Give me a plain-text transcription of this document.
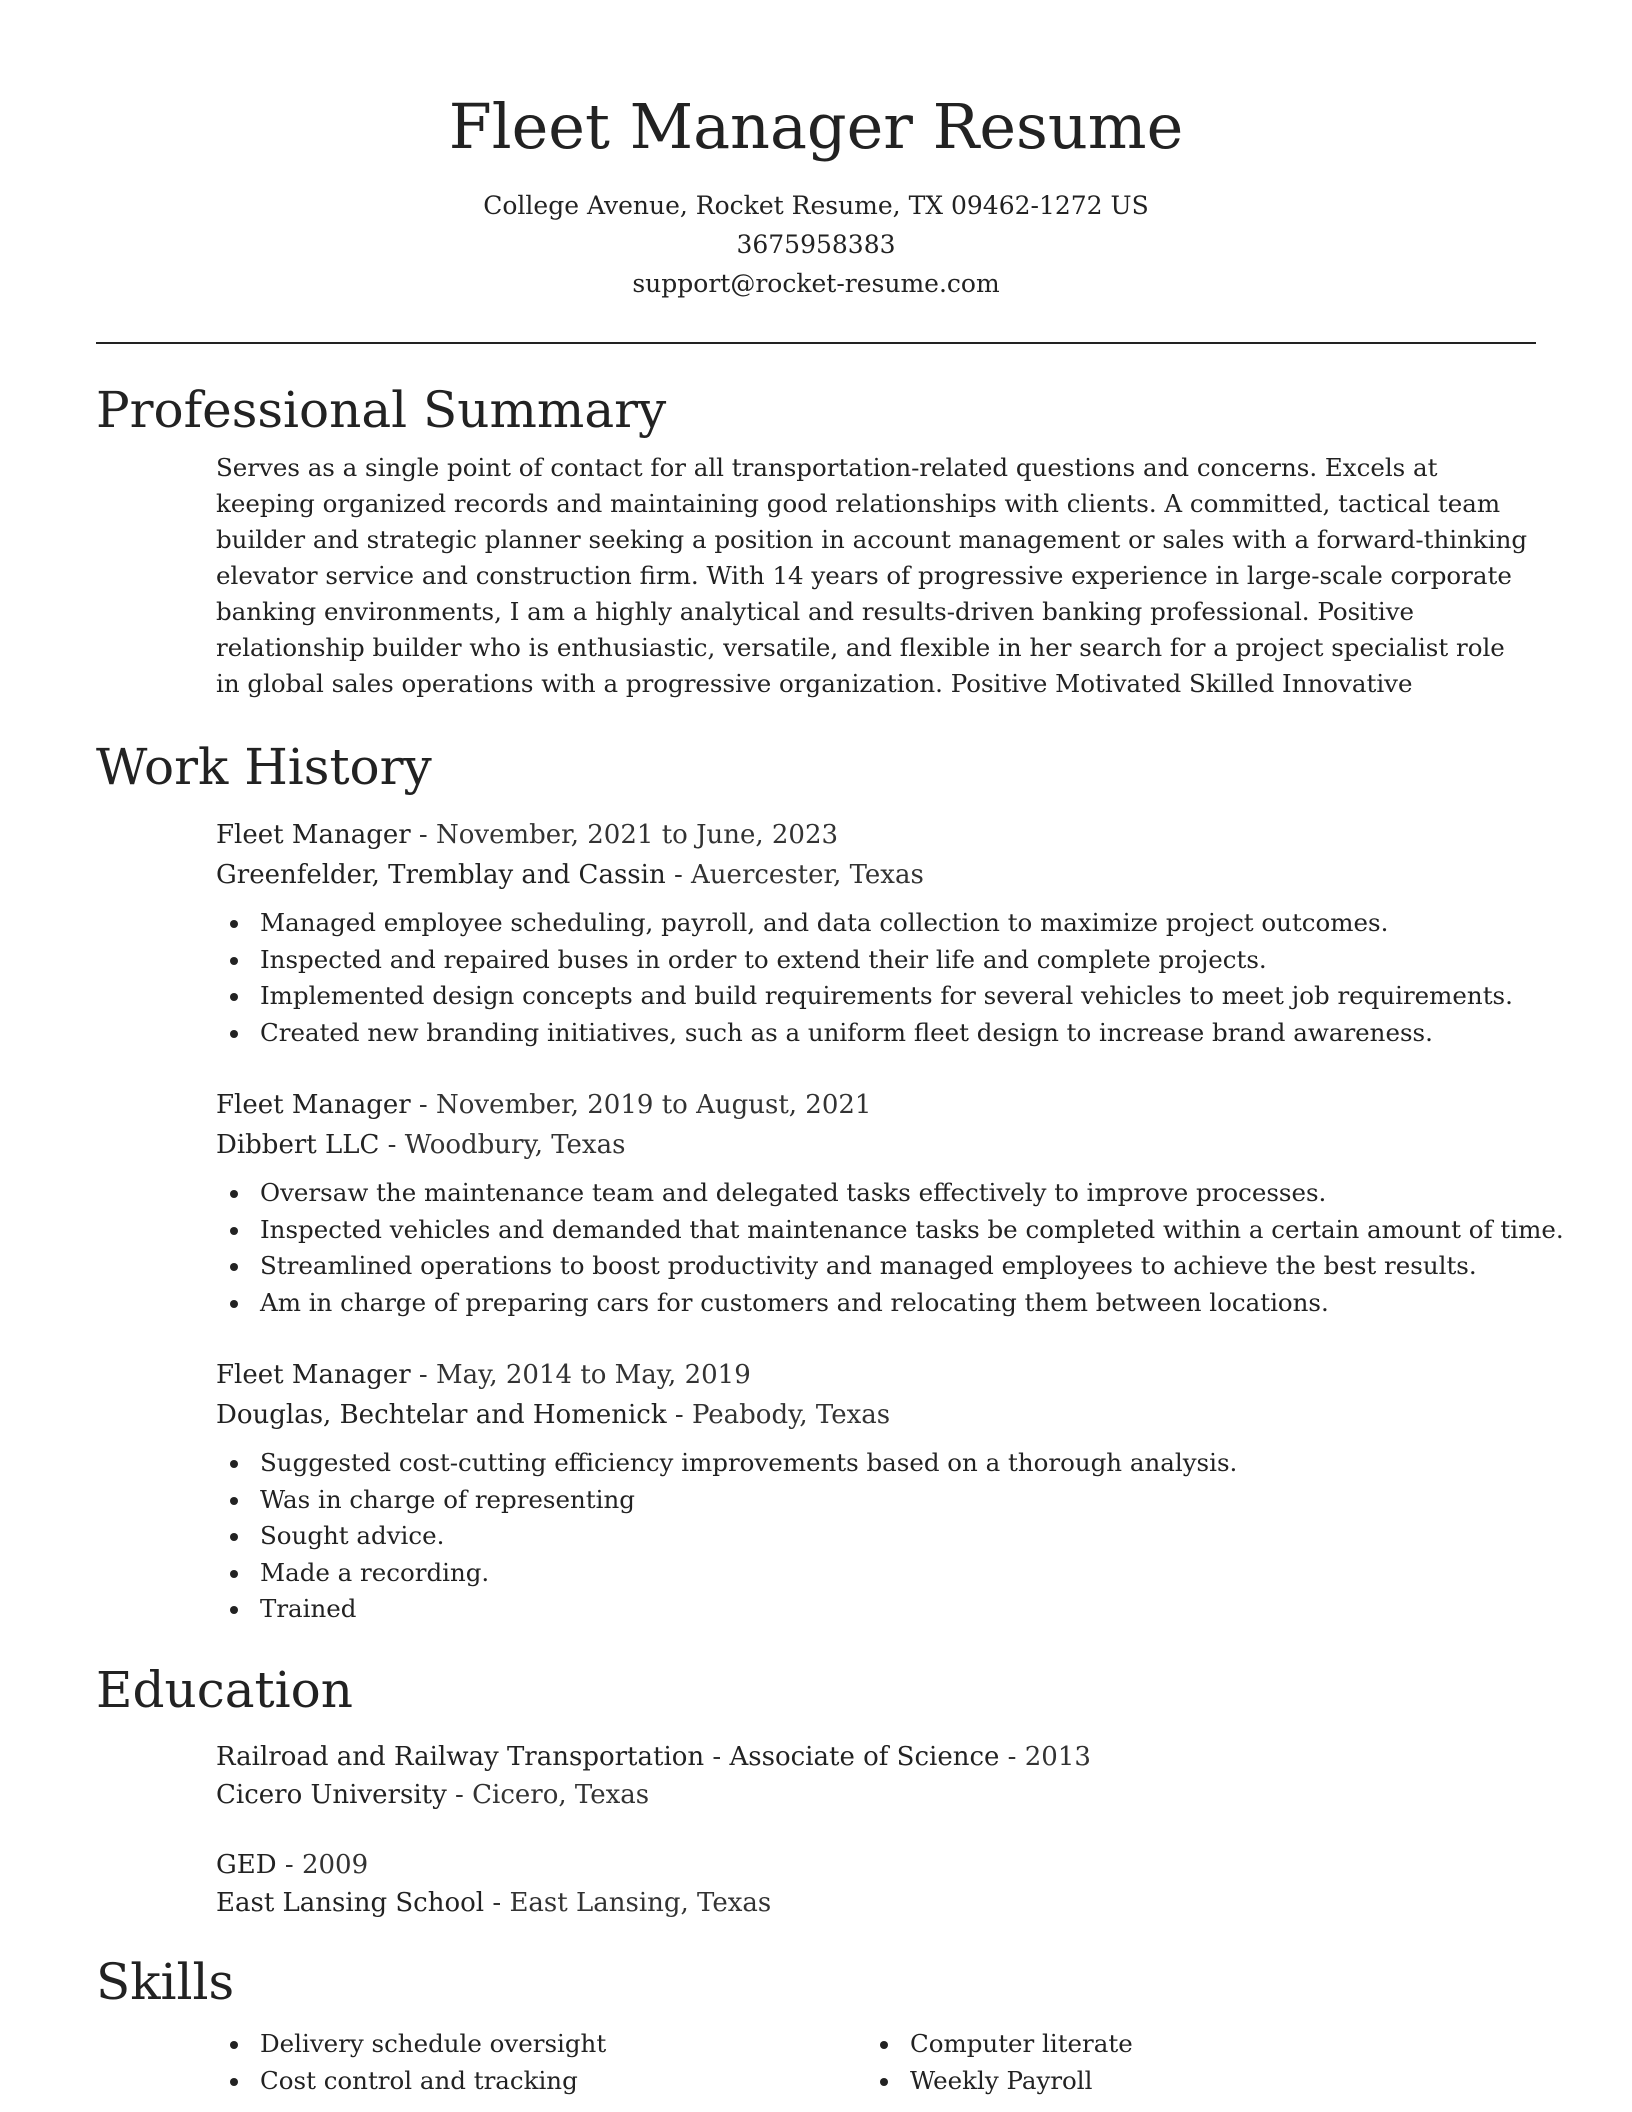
Fleet Manager Resume
College Avenue, Rocket Resume, TX 09462-1272 US
3675958383
support@rocket-resume.com
Professional Summary
Serves as a single point of contact for all transportation-related questions and concerns. Excels at keeping organized records and maintaining good relationships with clients. A committed, tactical team builder and strategic planner seeking a position in account management or sales with a forward-thinking elevator service and construction firm. With 14 years of progressive experience in large-scale corporate banking environments, I am a highly analytical and results-driven banking professional. Positive relationship builder who is enthusiastic, versatile, and flexible in her search for a project specialist role in global sales operations with a progressive organization. Positive Motivated Skilled Innovative
Work History
Fleet Manager - November, 2021 to June, 2023
Greenfelder, Tremblay and Cassin - Auercester, Texas
Managed employee scheduling, payroll, and data collection to maximize project outcomes.
Inspected and repaired buses in order to extend their life and complete projects.
Implemented design concepts and build requirements for several vehicles to meet job requirements.
Created new branding initiatives, such as a uniform fleet design to increase brand awareness.
Fleet Manager - November, 2019 to August, 2021
Dibbert LLC - Woodbury, Texas
Oversaw the maintenance team and delegated tasks effectively to improve processes.
Inspected vehicles and demanded that maintenance tasks be completed within a certain amount of time.
Streamlined operations to boost productivity and managed employees to achieve the best results.
Am in charge of preparing cars for customers and relocating them between locations.
Fleet Manager - May, 2014 to May, 2019
Douglas, Bechtelar and Homenick - Peabody, Texas
Suggested cost-cutting efficiency improvements based on a thorough analysis.
Was in charge of representing
Sought advice.
Made a recording.
Trained
Education
Railroad and Railway Transportation - Associate of Science - 2013
Cicero University - Cicero, Texas
GED - 2009
East Lansing School - East Lansing, Texas
Skills
Delivery schedule oversight
Cost control and tracking
Computer literate
Weekly Payroll
